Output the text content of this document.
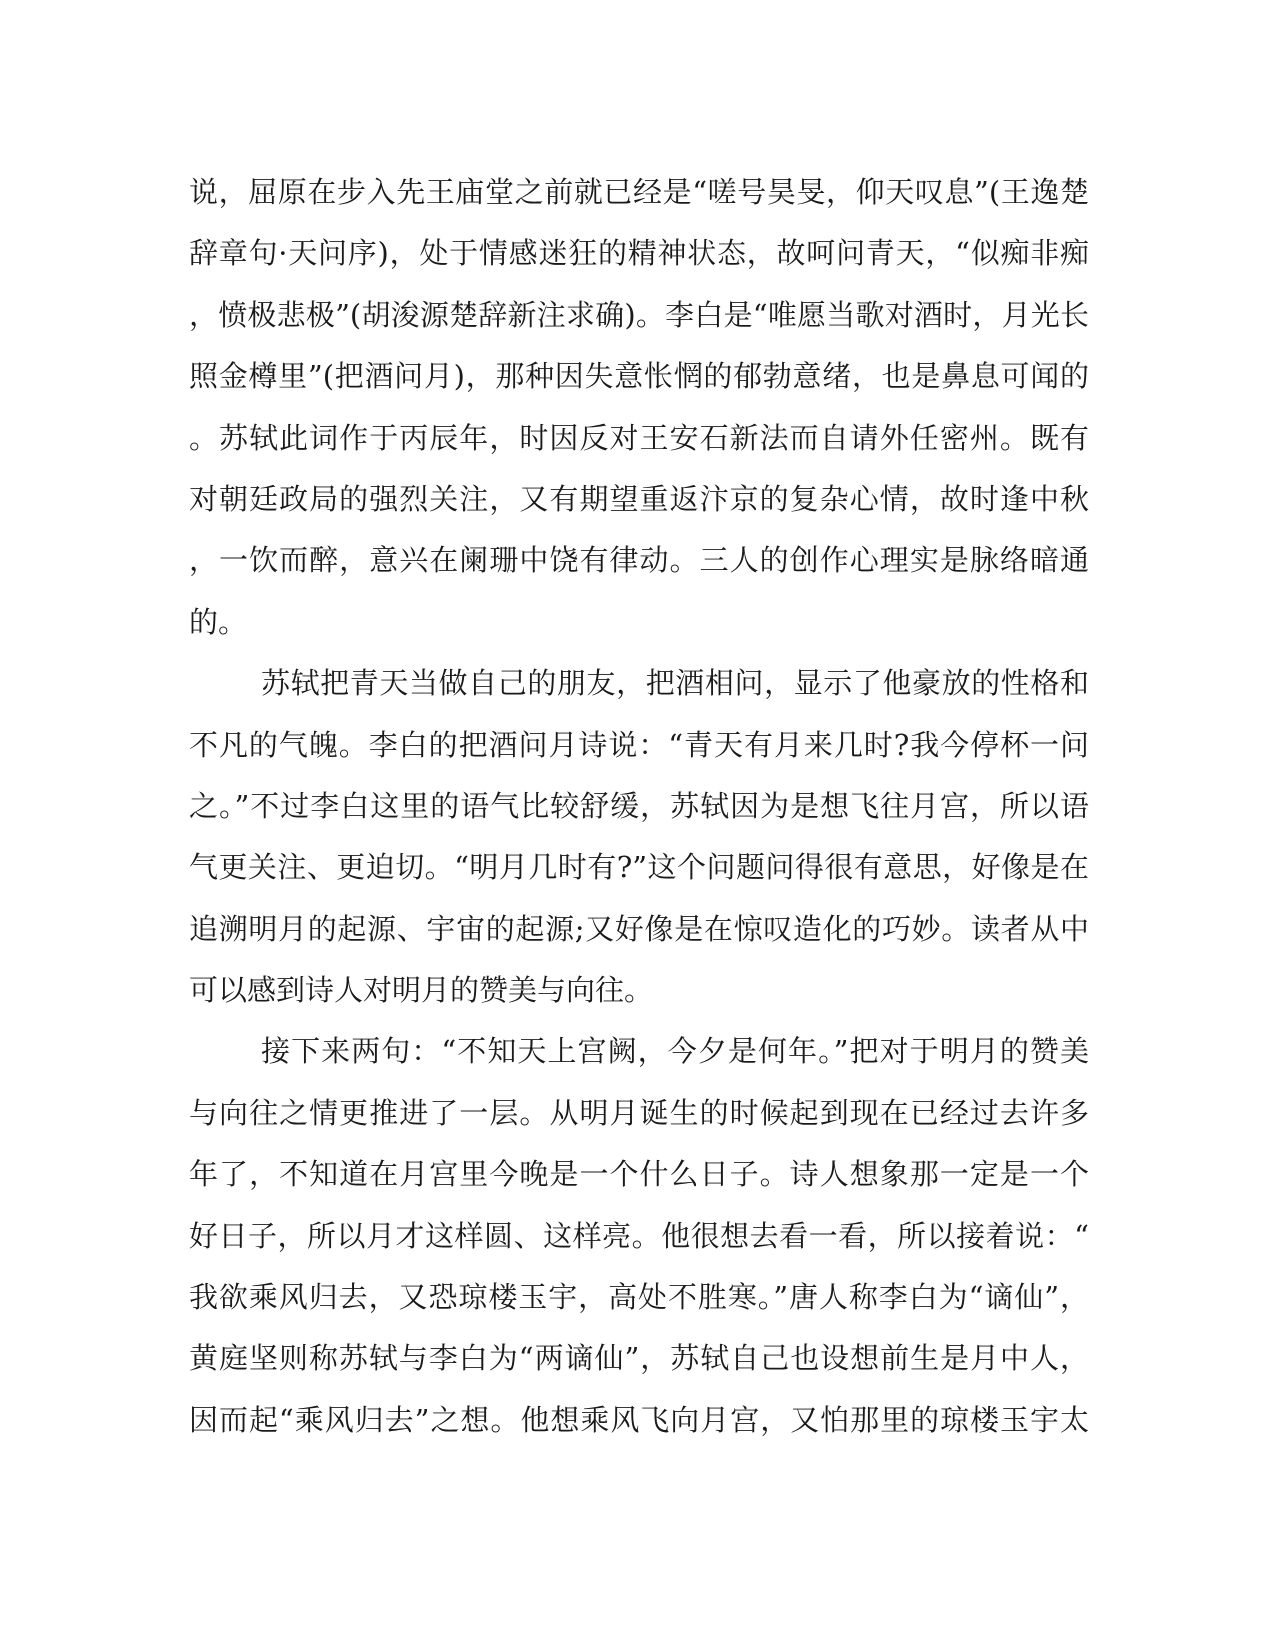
说，屈原在步入先王庙堂之前就已经是“嗟号昊旻，仰天叹息”(王逸楚
辞章句·天问序)，处于情感迷狂的精神状态，故呵问青天，“似痴非痴
，愤极悲极”(胡浚源楚辞新注求确)。李白是“唯愿当歌对酒时，月光长
照金樽里”(把酒问月)，那种因失意怅惘的郁勃意绪，也是鼻息可闻的
。苏轼此词作于丙辰年，时因反对王安石新法而自请外任密州。既有
对朝廷政局的强烈关注，又有期望重返汴京的复杂心情，故时逢中秋
，一饮而醉，意兴在阑珊中饶有律动。三人的创作心理实是脉络暗通
的。
苏轼把青天当做自己的朋友，把酒相问，显示了他豪放的性格和
不凡的气魄。李白的把酒问月诗说：“青天有月来几时?我今停杯一问
之。”不过李白这里的语气比较舒缓，苏轼因为是想飞往月宫，所以语
气更关注、更迫切。“明月几时有?”这个问题问得很有意思，好像是在
追溯明月的起源、宇宙的起源;又好像是在惊叹造化的巧妙。读者从中
可以感到诗人对明月的赞美与向往。
接下来两句：“不知天上宫阙，今夕是何年。”把对于明月的赞美
与向往之情更推进了一层。从明月诞生的时候起到现在已经过去许多
年了，不知道在月宫里今晚是一个什么日子。诗人想象那一定是一个
好日子，所以月才这样圆、这样亮。他很想去看一看，所以接着说：“
我欲乘风归去，又恐琼楼玉宇，高处不胜寒。”唐人称李白为“谪仙”，
黄庭坚则称苏轼与李白为“两谪仙”，苏轼自己也设想前生是月中人，
因而起“乘风归去”之想。他想乘风飞向月宫，又怕那里的琼楼玉宇太
